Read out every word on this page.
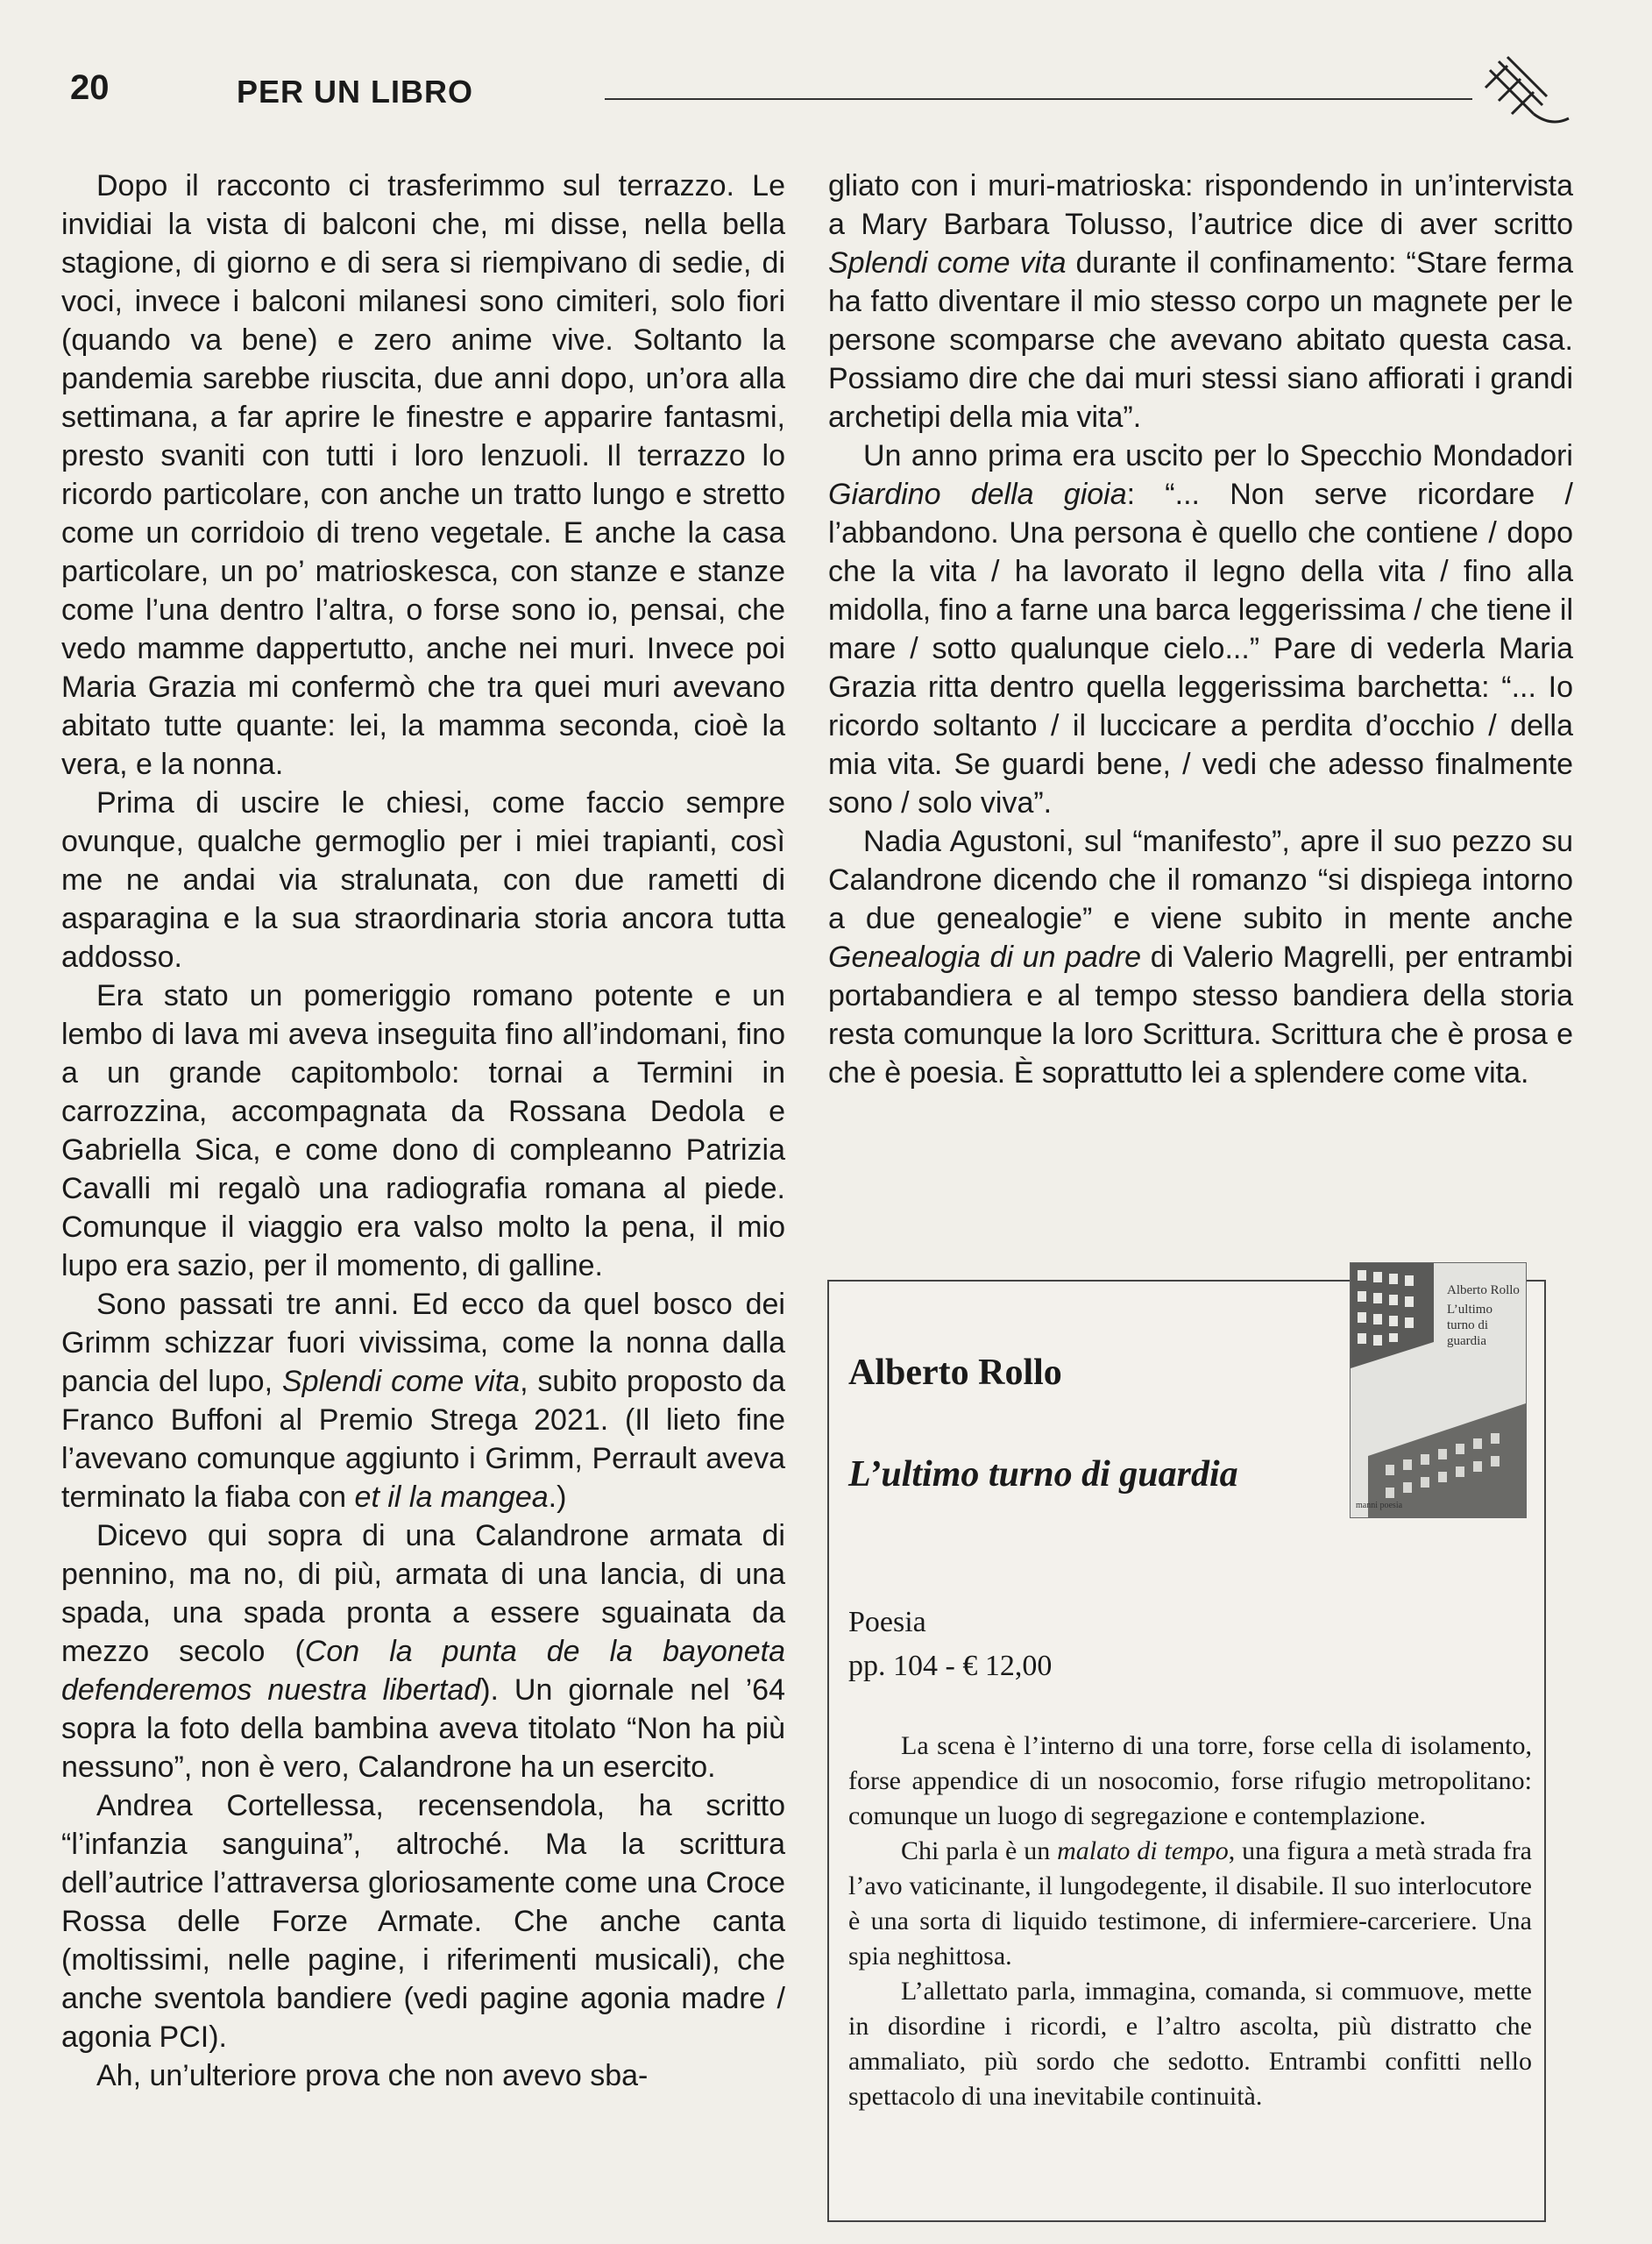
20	PER UN LIBRO

Dopo il racconto ci trasferimmo sul terrazzo. Le invidiai la vista di balconi che, mi disse, nella bella stagione, di giorno e di sera si riempivano di sedie, di voci, invece i balconi milanesi sono cimiteri, solo fiori (quando va bene) e zero anime vive. Soltanto la pandemia sarebbe riuscita, due anni dopo, un’ora alla settimana, a far aprire le finestre e apparire fantasmi, presto svaniti con tutti i loro lenzuoli. Il terrazzo lo ricordo particolare, con anche un tratto lungo e stretto come un corridoio di treno vegetale. E anche la casa particolare, un po’ matrioskesca, con stanze e stanze come l’una dentro l’altra, o forse sono io, pensai, che vedo mamme dappertutto, anche nei muri. Invece poi Maria Grazia mi confermò che tra quei muri avevano abitato tutte quante: lei, la mamma seconda, cioè la vera, e la nonna.

Prima di uscire le chiesi, come faccio sempre ovunque, qualche germoglio per i miei trapianti, così me ne andai via stralunata, con due rametti di asparagina e la sua straordinaria storia ancora tutta addosso.

Era stato un pomeriggio romano potente e un lembo di lava mi aveva inseguita fino all’indomani, fino a un grande capitombolo: tornai a Termini in carrozzina, accompagnata da Rossana Dedola e Gabriella Sica, e come dono di compleanno Patrizia Cavalli mi regalò una radiografia romana al piede. Comunque il viaggio era valso molto la pena, il mio lupo era sazio, per il momento, di galline.

Sono passati tre anni. Ed ecco da quel bosco dei Grimm schizzar fuori vivissima, come la nonna dalla pancia del lupo, Splendi come vita, subito proposto da Franco Buffoni al Premio Strega 2021. (Il lieto fine l’avevano comunque aggiunto i Grimm, Perrault aveva terminato la fiaba con et il la mangea.)

Dicevo qui sopra di una Calandrone armata di pennino, ma no, di più, armata di una lancia, di una spada, una spada pronta a essere sguainata da mezzo secolo (Con la punta de la bayoneta defenderemos nuestra libertad). Un giornale nel ’64 sopra la foto della bambina aveva titolato “Non ha più nessuno”, non è vero, Calandrone ha un esercito.

Andrea Cortellessa, recensendola, ha scritto “l’infanzia sanguina”, altroché. Ma la scrittura dell’autrice l’attraversa gloriosamente come una Croce Rossa delle Forze Armate. Che anche canta (moltissimi, nelle pagine, i riferimenti musicali), che anche sventola bandiere (vedi pagine agonia madre / agonia PCI).

Ah, un’ulteriore prova che non avevo sba-

gliato con i muri-matrioska: rispondendo in un’intervista a Mary Barbara Tolusso, l’autrice dice di aver scritto Splendi come vita durante il confinamento: “Stare ferma ha fatto diventare il mio stesso corpo un magnete per le persone scomparse che avevano abitato questa casa. Possiamo dire che dai muri stessi siano affiorati i grandi archetipi della mia vita”.

Un anno prima era uscito per lo Specchio Mondadori Giardino della gioia: “... Non serve ricordare / l’abbandono. Una persona è quello che contiene / dopo che la vita / ha lavorato il legno della vita / fino alla midolla, fino a farne una barca leggerissima / che tiene il mare / sotto qualunque cielo...” Pare di vederla Maria Grazia ritta dentro quella leggerissima barchetta: “... Io ricordo soltanto / il luccicare a perdita d’occhio / della mia vita. Se guardi bene, / vedi che adesso finalmente sono / solo viva”.

Nadia Agustoni, sul “manifesto”, apre il suo pezzo su Calandrone dicendo che il romanzo “si dispiega intorno a due genealogie” e viene subito in mente anche Genealogia di un padre di Valerio Magrelli, per entrambi portabandiera e al tempo stesso bandiera della storia resta comunque la loro Scrittura. Scrittura che è prosa e che è poesia. È soprattutto lei a splendere come vita.

Alberto Rollo
L’ultimo turno di guardia
Alberto Rollo
L’ultimo turno di guardia
manni poesia
Poesia
pp. 104 - € 12,00

La scena è l’interno di una torre, forse cella di isolamento, forse appendice di un nosocomio, forse rifugio metropolitano: comunque un luogo di segregazione e contemplazione.

Chi parla è un malato di tempo, una figura a metà strada fra l’avo vaticinante, il lungodegente, il disabile. Il suo interlocutore è una sorta di liquido testimone, di infermiere-carceriere. Una spia neghittosa.

L’allettato parla, immagina, comanda, si commuove, mette in disordine i ricordi, e l’altro ascolta, più distratto che ammaliato, più sordo che sedotto. Entrambi confitti nello spettacolo di una inevitabile continuità.
